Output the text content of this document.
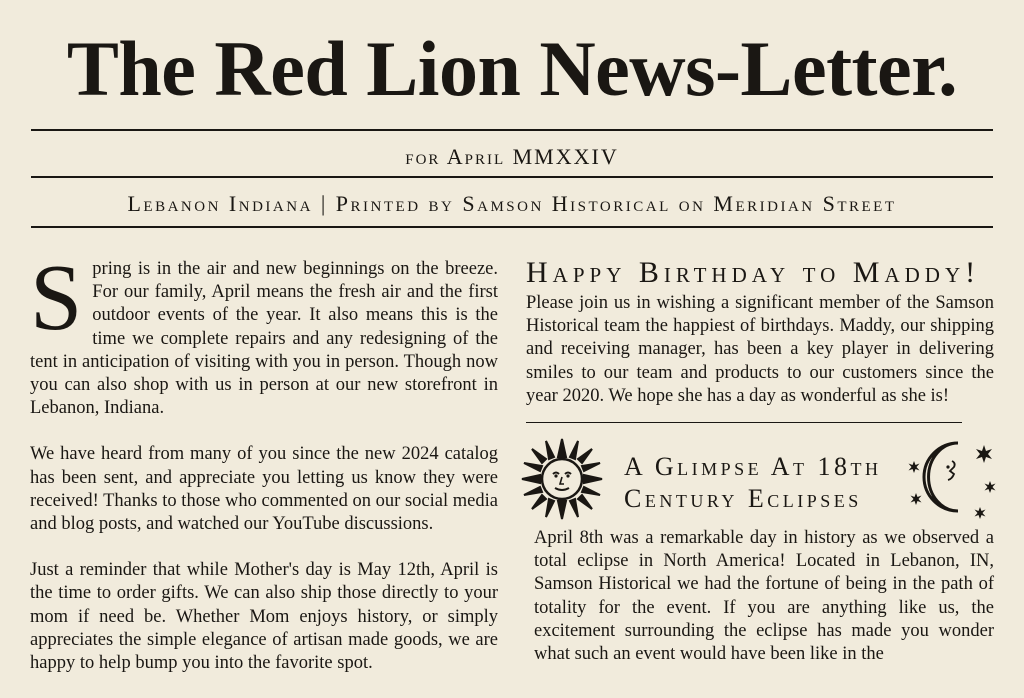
The Red Lion News-Letter.
for April MMXXIV
Lebanon Indiana | Printed by Samson Historical on Meridian Street

Spring is in the air and new beginnings on the breeze. For our family, April means the fresh air and the first outdoor events of the year. It also means this is the time we complete repairs and any redesigning of the tent in anticipation of visiting with you in person. Though now you can also shop with us in person at our new storefront in Lebanon, Indiana.

We have heard from many of you since the new 2024 catalog has been sent, and appreciate you letting us know they were received! Thanks to those who commented on our social media and blog posts, and watched our YouTube discussions.

Just a reminder that while Mother's day is May 12th, April is the time to order gifts. We can also ship those directly to your mom if need be. Whether Mom enjoys history, or simply appreciates the simple elegance of artisan made goods, we are happy to help bump you into the favorite spot.

Happy Birthday to Maddy!
Please join us in wishing a significant member of the Samson Historical team the happiest of birthdays. Maddy, our shipping and receiving manager, has been a key player in delivering smiles to our team and products to our customers since the year 2020. We hope she has a day as wonderful as she is!
A Glimpse At 18th
Century Eclipses
April 8th was a remarkable day in history as we observed a total eclipse in North America! Located in Lebanon, IN, Samson Historical we had the fortune of being in the path of totality for the event. If you are anything like us, the excitement surrounding the eclipse has made you wonder what such an event would have been like in the
